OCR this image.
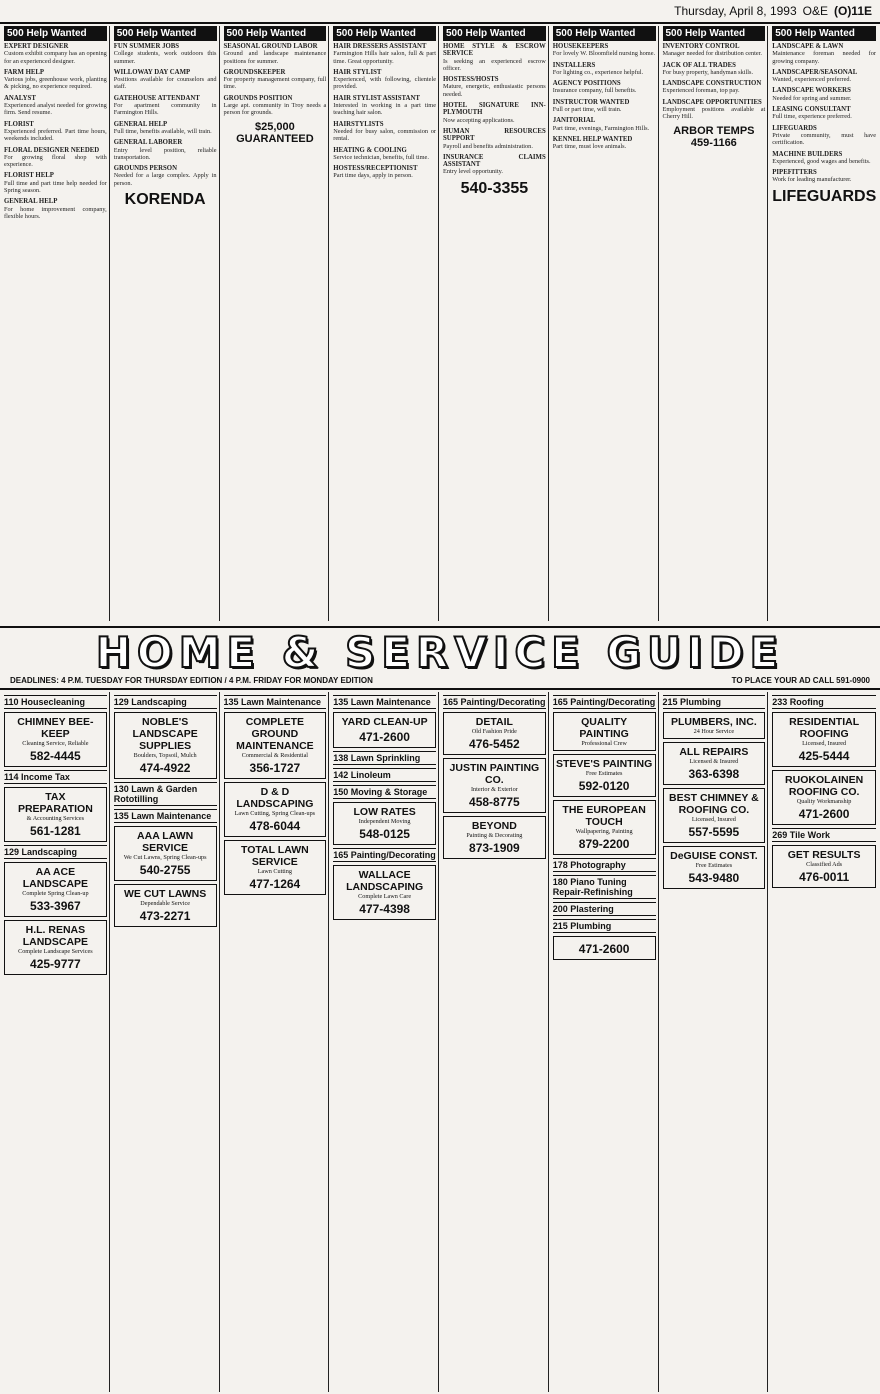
Thursday, April 8, 1993 O&E (O)11E
500 Help Wanted
EXPERT DESIGNER
Custom exhibit company has an opening for an experienced designer.
FARM HELP
Various jobs, greenhouse work, planting & picking, no experience required.
ANALYST
Experienced analyst needed for growing firm. Send resume.
FLORIST
Experienced preferred. Part time hours, weekends included.
FLORAL DESIGNER NEEDED
For growing floral shop with experience.
FLORIST HELP
Full time and part time help needed for Spring season.
GENERAL HELP
For home improvement company, flexible hours.
500 Help Wanted
FUN SUMMER JOBS
College students, work outdoors this summer.
WILLOWAY DAY CAMP
Positions available for counselors and staff.
GATEHOUSE ATTENDANT
For apartment community in Farmington Hills.
GENERAL HELP
Full time, benefits available, will train.
GENERAL LABORER
Entry level position, reliable transportation.
GROUNDS PERSON
Needed for a large complex. Apply in person.
KORENDA
500 Help Wanted
SEASONAL GROUND LABOR
Ground and landscape maintenance positions for summer.
GROUNDSKEEPER
For property management company, full time.
GROUNDS POSITION
Large apt. community in Troy needs a person for grounds.
$25,000 GUARANTEED
500 Help Wanted
HAIR DRESSERS ASSISTANT
Farmington Hills hair salon, full & part time. Great opportunity.
HAIR STYLIST
Experienced, with following, clientele provided.
HAIR STYLIST ASSISTANT
Interested in working in a part time teaching hair salon.
HAIRSTYLISTS
Needed for busy salon, commission or rental.
HEATING & COOLING
Service technician, benefits, full time.
HOSTESS/RECEPTIONIST
Part time days, apply in person.
500 Help Wanted
HOME STYLE & ESCROW SERVICE
Is seeking an experienced escrow officer.
HOSTESS/HOSTS
Mature, energetic, enthusiastic persons needed.
HOTEL SIGNATURE INN-PLYMOUTH
Now accepting applications.
HUMAN RESOURCES SUPPORT
Payroll and benefits administration.
INSURANCE CLAIMS ASSISTANT
Entry level opportunity.
540-3355
500 Help Wanted
HOUSEKEEPERS
For lovely W. Bloomfield nursing home.
INSTALLERS
For lighting co., experience helpful.
AGENCY POSITIONS
Insurance company, full benefits.
INSTRUCTOR WANTED
Full or part time, will train.
JANITORIAL
Part time, evenings, Farmington Hills.
KENNEL HELP WANTED
Part time, must love animals.
500 Help Wanted
INVENTORY CONTROL
Manager needed for distribution center.
JACK OF ALL TRADES
For busy property, handyman skills.
LANDSCAPE CONSTRUCTION
Experienced foreman, top pay.
LANDSCAPE OPPORTUNITIES
Employment positions available at Cherry Hill.
ARBOR TEMPS 459-1166
500 Help Wanted
LANDSCAPE & LAWN
Maintenance foreman needed for growing company.
LANDSCAPER/SEASONAL
Wanted, experienced preferred.
LANDSCAPE WORKERS
Needed for spring and summer.
LEASING CONSULTANT
Full time, experience preferred.
LIFEGUARDS
Private community, must have certification.
MACHINE BUILDERS
Experienced, good wages and benefits.
PIPEFITTERS
Work for leading manufacturer.
LIFEGUARDS
HOME & SERVICE GUIDE
DEADLINES: 4 P.M. TUESDAY FOR THURSDAY EDITION / 4 P.M. FRIDAY FOR MONDAY EDITION	TO PLACE YOUR AD CALL 591-0900
110 Housecleaning
CHIMNEY BEE-KEEP
Cleaning Service, Reliable
582-4445
114 Income Tax
TAX PREPARATION
& Accounting Services
561-1281
129 Landscaping
AA ACE LANDSCAPE
Complete Spring Clean-up
533-3967
H.L. RENAS LANDSCAPE
Complete Landscape Services
425-9777
129 Landscaping
NOBLE'S LANDSCAPE SUPPLIES
Boulders, Topsoil, Mulch
474-4922
130 Lawn & Garden Rototilling
135 Lawn Maintenance
AAA LAWN SERVICE
We Cut Lawns, Spring Clean-ups
540-2755
WE CUT LAWNS
Dependable Service
473-2271
135 Lawn Maintenance
COMPLETE GROUND MAINTENANCE
Commercial & Residential
356-1727
D & D LANDSCAPING
Lawn Cutting, Spring Clean-ups
478-6044
TOTAL LAWN SERVICE
Lawn Cutting
477-1264
135 Lawn Maintenance
YARD CLEAN-UP
471-2600
138 Lawn Sprinkling
142 Linoleum
150 Moving & Storage
LOW RATES
Independent Moving
548-0125
165 Painting/Decorating
WALLACE LANDSCAPING
Complete Lawn Care
477-4398
165 Painting/Decorating
DETAIL
Old Fashion Pride
476-5452
JUSTIN PAINTING CO.
Interior & Exterior
458-8775
BEYOND
Painting & Decorating
873-1909
165 Painting/Decorating
QUALITY PAINTING
Professional Crew
STEVE'S PAINTING
Free Estimates
592-0120
THE EUROPEAN TOUCH
Wallpapering, Painting
879-2200
178 Photography
180 Piano Tuning Repair-Refinishing
200 Plastering
215 Plumbing
471-2600
215 Plumbing
PLUMBERS, INC.
24 Hour Service
ALL REPAIRS
Licensed & Insured
363-6398
BEST CHIMNEY & ROOFING CO.
Licensed, Insured
557-5595
DeGUISE CONST.
Free Estimates
543-9480
233 Roofing
RESIDENTIAL ROOFING
Licensed, Insured
425-5444
RUOKOLAINEN ROOFING CO.
Quality Workmanship
471-2600
269 Tile Work
GET RESULTS
Classified Ads
476-0011
